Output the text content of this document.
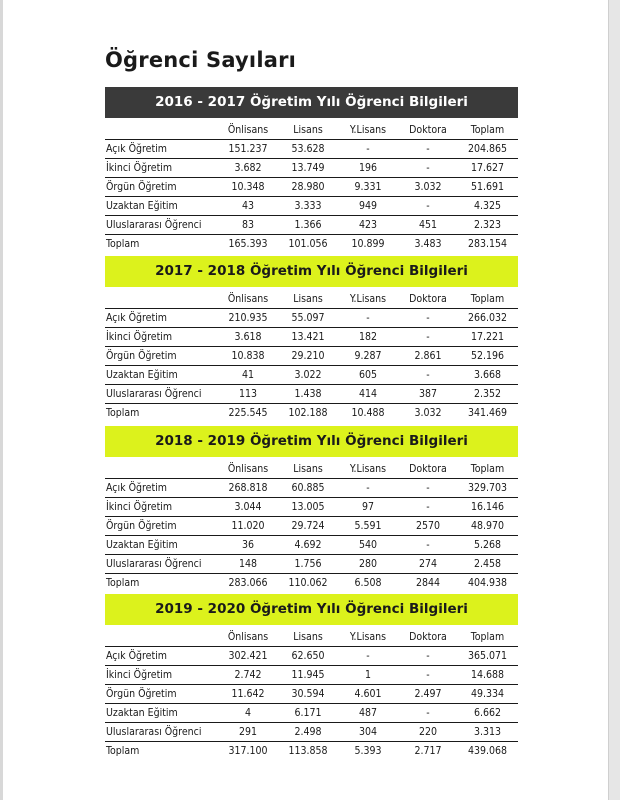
Öğrenci Sayıları
2016 - 2017 Öğretim Yılı Öğrenci Bilgileri
	Önlisans	Lisans	Y.Lisans	Doktora	Toplam
Açık Öğretim	151.237	53.628	-	-	204.865
İkinci Öğretim	3.682	13.749	196	-	17.627
Örgün Öğretim	10.348	28.980	9.331	3.032	51.691
Uzaktan Eğitim	43	3.333	949	-	4.325
Uluslararası Öğrenci	83	1.366	423	451	2.323
Toplam	165.393	101.056	10.899	3.483	283.154
2017 - 2018 Öğretim Yılı Öğrenci Bilgileri
	Önlisans	Lisans	Y.Lisans	Doktora	Toplam
Açık Öğretim	210.935	55.097	-	-	266.032
İkinci Öğretim	3.618	13.421	182	-	17.221
Örgün Öğretim	10.838	29.210	9.287	2.861	52.196
Uzaktan Eğitim	41	3.022	605	-	3.668
Uluslararası Öğrenci	113	1.438	414	387	2.352
Toplam	225.545	102.188	10.488	3.032	341.469
2018 - 2019 Öğretim Yılı Öğrenci Bilgileri
	Önlisans	Lisans	Y.Lisans	Doktora	Toplam
Açık Öğretim	268.818	60.885	-	-	329.703
İkinci Öğretim	3.044	13.005	97	-	16.146
Örgün Öğretim	11.020	29.724	5.591	2570	48.970
Uzaktan Eğitim	36	4.692	540	-	5.268
Uluslararası Öğrenci	148	1.756	280	274	2.458
Toplam	283.066	110.062	6.508	2844	404.938
2019 - 2020 Öğretim Yılı Öğrenci Bilgileri
	Önlisans	Lisans	Y.Lisans	Doktora	Toplam
Açık Öğretim	302.421	62.650	-	-	365.071
İkinci Öğretim	2.742	11.945	1	-	14.688
Örgün Öğretim	11.642	30.594	4.601	2.497	49.334
Uzaktan Eğitim	4	6.171	487	-	6.662
Uluslararası Öğrenci	291	2.498	304	220	3.313
Toplam	317.100	113.858	5.393	2.717	439.068
